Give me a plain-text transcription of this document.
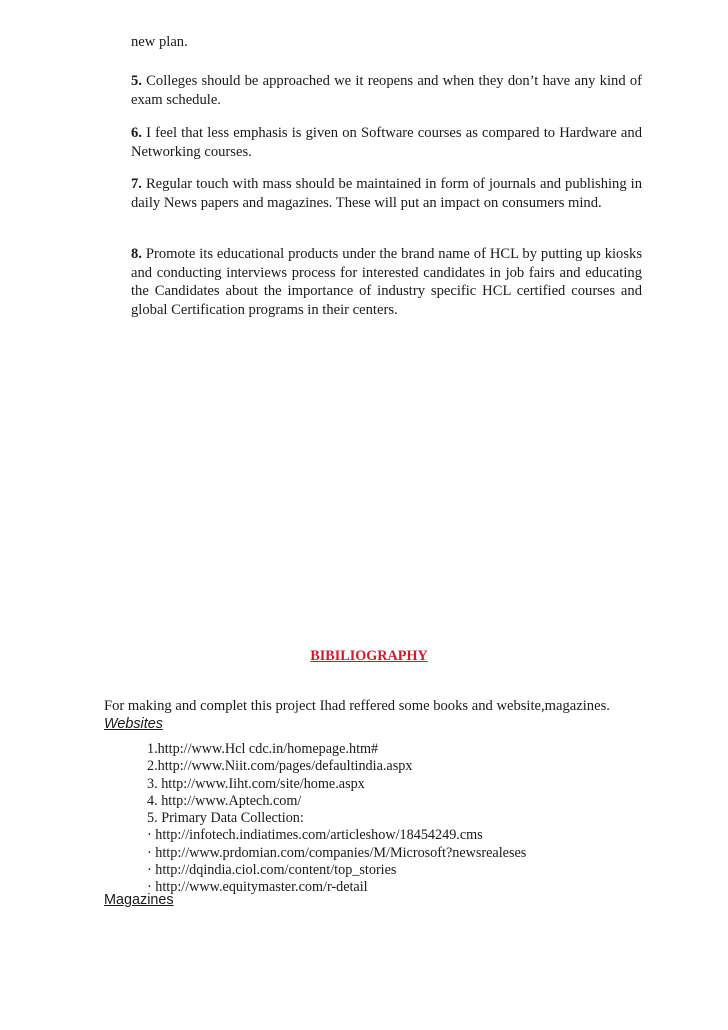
new plan.
5. Colleges should be approached we it reopens and when they don’t have any kind of exam schedule.
6. I feel that less emphasis is given on Software courses as compared to Hardware and Networking courses.
7. Regular touch with mass should be maintained in form of journals and publishing in daily News papers and magazines. These will put an impact on consumers mind.
8. Promote its educational products under the brand name of HCL by putting up kiosks and conducting interviews process for interested candidates in job fairs and educating the Candidates about the importance of industry specific HCL certified courses and global Certification programs in their centers.
BIBILIOGRAPHY
For making and complet this project Ihad reffered some books and website,magazines.
Websites
1.http://www.Hcl cdc.in/homepage.htm#
2.http://www.Niit.com/pages/defaultindia.aspx
3. http://www.Iiht.com/site/home.aspx
4. http://www.Aptech.com/
5. Primary Data Collection:
· http://infotech.indiatimes.com/articleshow/18454249.cms
· http://www.prdomian.com/companies/M/Microsoft?newsrealeses
· http://dqindia.ciol.com/content/top_stories
· http://www.equitymaster.com/r-detail
Magazines
